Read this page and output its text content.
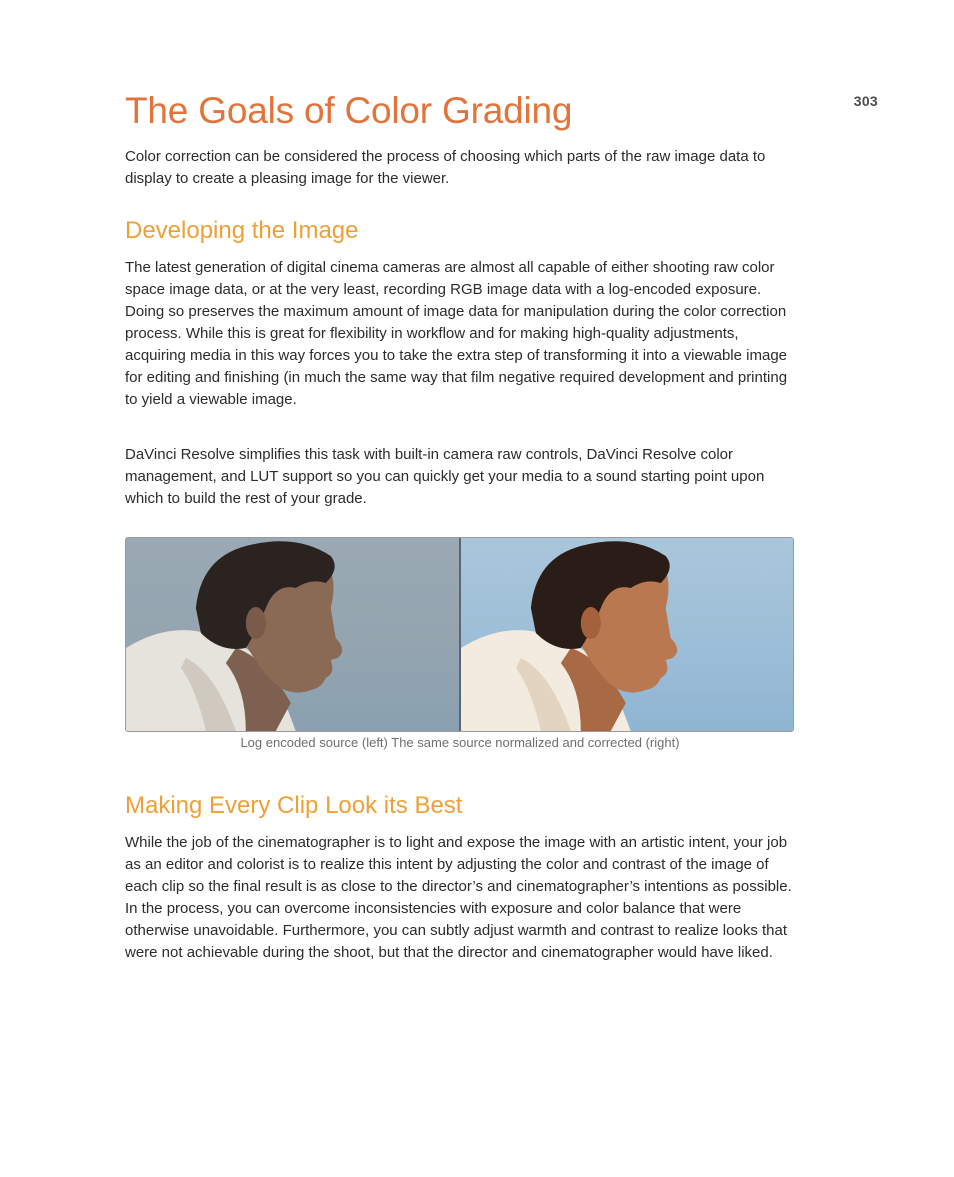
303
The Goals of Color Grading

Color correction can be considered the process of choosing which parts of the raw image data to display to create a pleasing image for the viewer.

Developing the Image

The latest generation of digital cinema cameras are almost all capable of either shooting raw color space image data, or at the very least, recording RGB image data with a log-encoded exposure. Doing so preserves the maximum amount of image data for manipulation during the color correction process. While this is great for flexibility in workflow and for making high-quality adjustments, acquiring media in this way forces you to take the extra step of transforming it into a viewable image for editing and finishing (in much the same way that film negative required development and printing to yield a viewable image.

DaVinci Resolve simplifies this task with built-in camera raw controls, DaVinci Resolve color management, and LUT support so you can quickly get your media to a sound starting point upon which to build the rest of your grade.

Log encoded source (left) The same source normalized and corrected (right)
Making Every Clip Look its Best

While the job of the cinematographer is to light and expose the image with an artistic intent, your job as an editor and colorist is to realize this intent by adjusting the color and contrast of the image of each clip so the final result is as close to the director’s and cinematographer’s intentions as possible. In the process, you can overcome inconsistencies with exposure and color balance that were otherwise unavoidable. Furthermore, you can subtly adjust warmth and contrast to realize looks that were not achievable during the shoot, but that the director and cinematographer would have liked.
